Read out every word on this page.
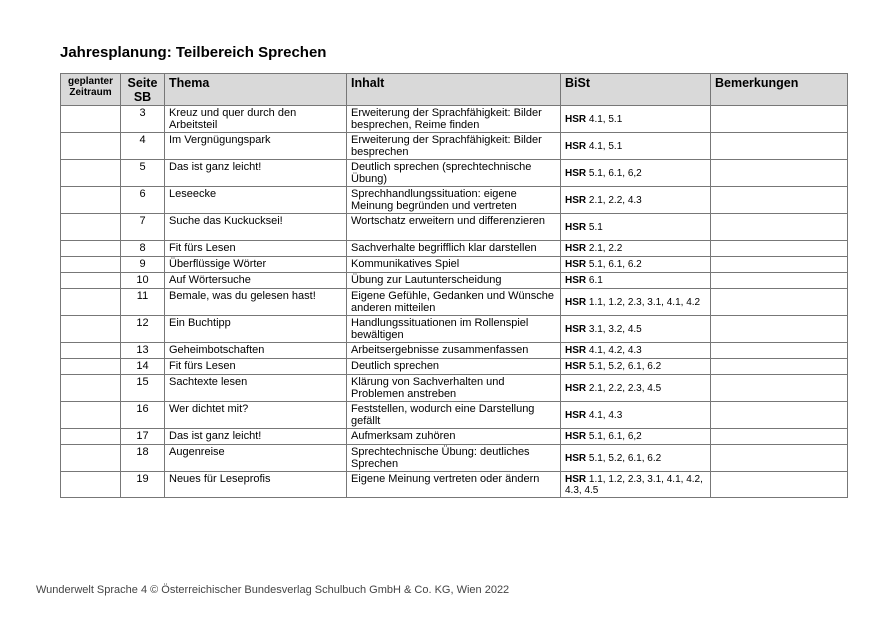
Jahresplanung: Teilbereich Sprechen
geplanter Zeitraum	Seite SB	Thema	Inhalt	BiSt	Bemerkungen
	3	Kreuz und quer durch den Arbeitsteil	Erweiterung der Sprachfähigkeit: Bilder besprechen, Reime finden	HSR 4.1, 5.1	
	4	Im Vergnügungspark	Erweiterung der Sprachfähigkeit: Bilder besprechen	HSR 4.1, 5.1	
	5	Das ist ganz leicht!	Deutlich sprechen (sprechtechnische Übung)	HSR 5.1, 6.1, 6,2	
	6	Leseecke	Sprechhandlungssituation: eigene Meinung begründen und vertreten	HSR 2.1, 2.2, 4.3	
	7	Suche das Kuckucksei!	Wortschatz erweitern und differenzieren	HSR 5.1	
	8	Fit fürs Lesen	Sachverhalte begrifflich klar darstellen	HSR 2.1, 2.2	
	9	Überflüssige Wörter	Kommunikatives Spiel	HSR 5.1, 6.1, 6.2	
	10	Auf Wörtersuche	Übung zur Lautunterscheidung	HSR 6.1	
	11	Bemale, was du gelesen hast!	Eigene Gefühle, Gedanken und Wünsche anderen mitteilen	HSR 1.1, 1.2, 2.3, 3.1, 4.1, 4.2	
	12	Ein Buchtipp	Handlungssituationen im Rollenspiel bewältigen	HSR 3.1, 3.2, 4.5	
	13	Geheimbotschaften	Arbeitsergebnisse zusammenfassen	HSR 4.1, 4.2, 4.3	
	14	Fit fürs Lesen	Deutlich sprechen	HSR 5.1, 5.2, 6.1, 6.2	
	15	Sachtexte lesen	Klärung von Sachverhalten und Problemen anstreben	HSR 2.1, 2.2, 2.3, 4.5	
	16	Wer dichtet mit?	Feststellen, wodurch eine Darstellung gefällt	HSR 4.1, 4.3	
	17	Das ist ganz leicht!	Aufmerksam zuhören	HSR 5.1, 6.1, 6,2	
	18	Augenreise	Sprechtechnische Übung: deutliches Sprechen	HSR 5.1, 5.2, 6.1, 6.2	
	19	Neues für Leseprofis	Eigene Meinung vertreten oder ändern	HSR 1.1, 1.2, 2.3, 3.1, 4.1, 4.2, 4.3, 4.5	
Wunderwelt Sprache 4 © Österreichischer Bundesverlag Schulbuch GmbH & Co. KG, Wien 2022
